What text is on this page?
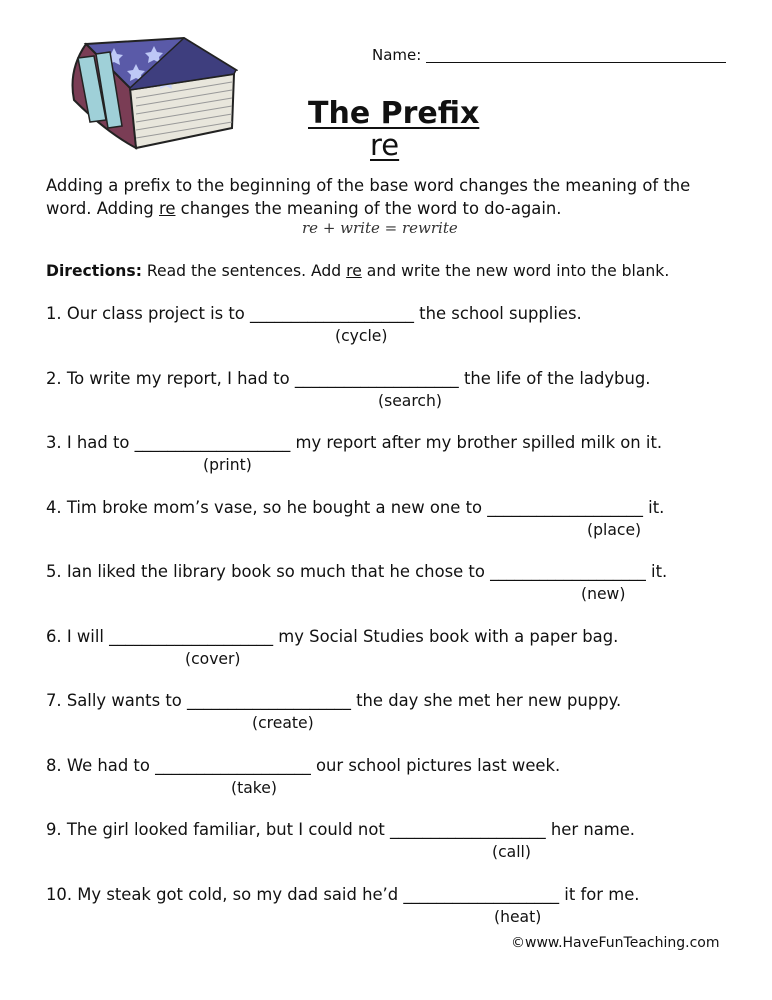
Name:
The Prefix
re
Adding a prefix to the beginning of the base word changes the meaning of the
word. Adding re changes the meaning of the word to do-again.
re + write = rewrite
Directions: Read the sentences. Add re and write the new word into the blank.
1. Our class project is to ____________________ the school supplies.
(cycle)
2. To write my report, I had to ____________________ the life of the ladybug.
(search)
3. I had to ___________________ my report after my brother spilled milk on it.
(print)
4. Tim broke mom’s vase, so he bought a new one to ___________________ it.
(place)
5. Ian liked the library book so much that he chose to ___________________ it.
(new)
6. I will ____________________ my Social Studies book with a paper bag.
(cover)
7. Sally wants to ____________________ the day she met her new puppy.
(create)
8. We had to ___________________ our school pictures last week.
(take)
9. The girl looked familiar, but I could not ___________________ her name.
(call)
10. My steak got cold, so my dad said he’d ___________________ it for me.
(heat)
©www.HaveFunTeaching.com
